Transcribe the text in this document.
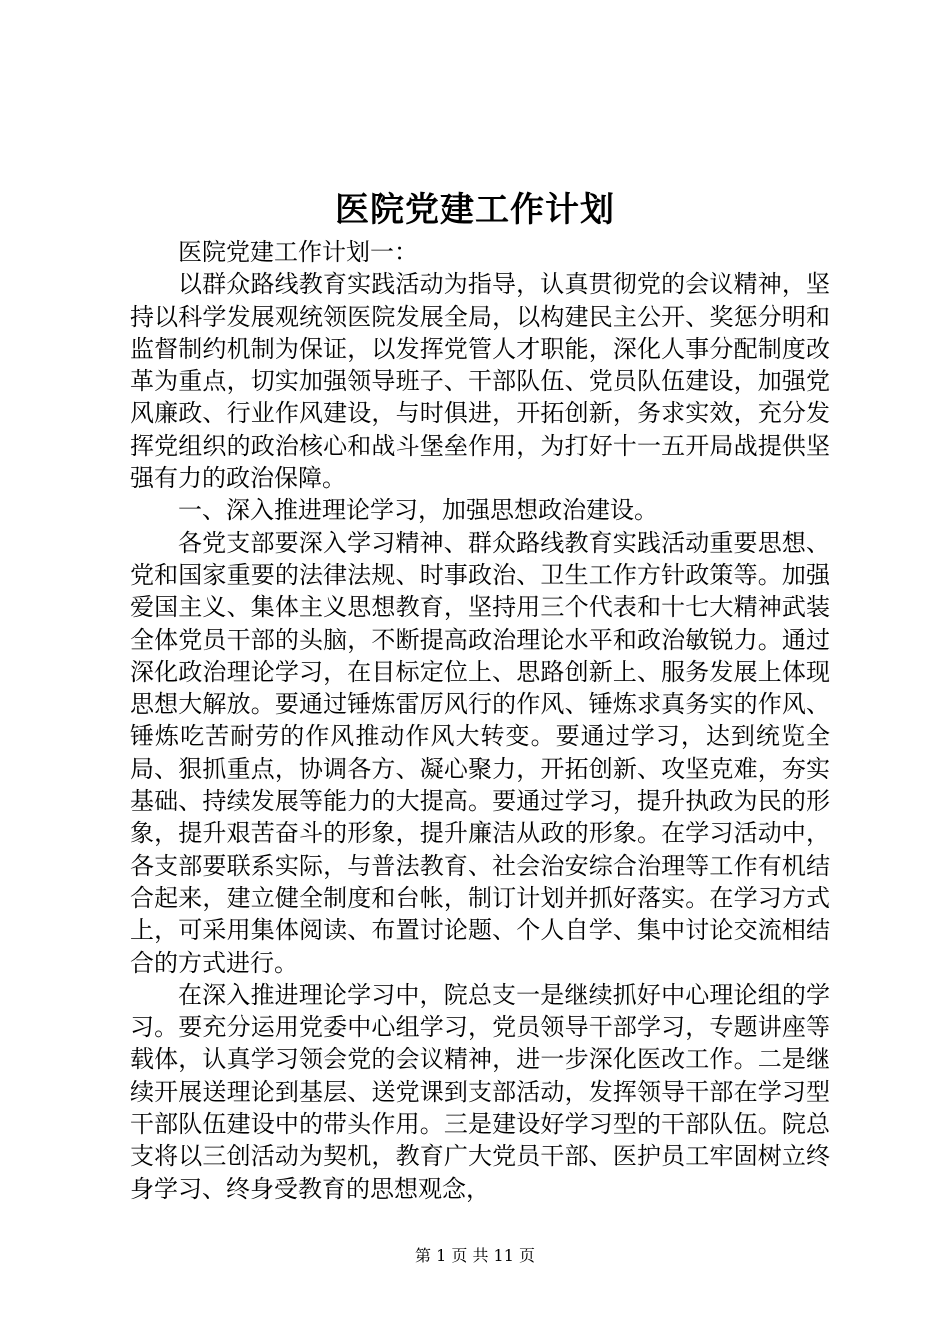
医院党建工作计划

医院党建工作计划一：

以群众路线教育实践活动为指导，认真贯彻党的会议精神，坚持以科学发展观统领医院发展全局，以构建民主公开、奖惩分明和监督制约机制为保证，以发挥党管人才职能，深化人事分配制度改革为重点，切实加强领导班子、干部队伍、党员队伍建设，加强党风廉政、行业作风建设，与时俱进，开拓创新，务求实效，充分发挥党组织的政治核心和战斗堡垒作用，为打好十一五开局战提供坚强有力的政治保障。

一、深入推进理论学习，加强思想政治建设。

各党支部要深入学习精神、群众路线教育实践活动重要思想、党和国家重要的法律法规、时事政治、卫生工作方针政策等。加强爱国主义、集体主义思想教育，坚持用三个代表和十七大精神武装全体党员干部的头脑，不断提高政治理论水平和政治敏锐力。通过深化政治理论学习，在目标定位上、思路创新上、服务发展上体现思想大解放。要通过锤炼雷厉风行的作风、锤炼求真务实的作风、锤炼吃苦耐劳的作风推动作风大转变。要通过学习，达到统览全局、狠抓重点，协调各方、凝心聚力，开拓创新、攻坚克难，夯实基础、持续发展等能力的大提高。要通过学习，提升执政为民的形象，提升艰苦奋斗的形象，提升廉洁从政的形象。在学习活动中，各支部要联系实际，与普法教育、社会治安综合治理等工作有机结合起来，建立健全制度和台帐，制订计划并抓好落实。在学习方式上，可采用集体阅读、布置讨论题、个人自学、集中讨论交流相结合的方式进行。

在深入推进理论学习中，院总支一是继续抓好中心理论组的学习。要充分运用党委中心组学习，党员领导干部学习，专题讲座等载体，认真学习领会党的会议精神，进一步深化医改工作。二是继续开展送理论到基层、送党课到支部活动，发挥领导干部在学习型干部队伍建设中的带头作用。三是建设好学习型的干部队伍。院总支将以三创活动为契机，教育广大党员干部、医护员工牢固树立终身学习、终身受教育的思想观念，

第 1 页 共 11 页
